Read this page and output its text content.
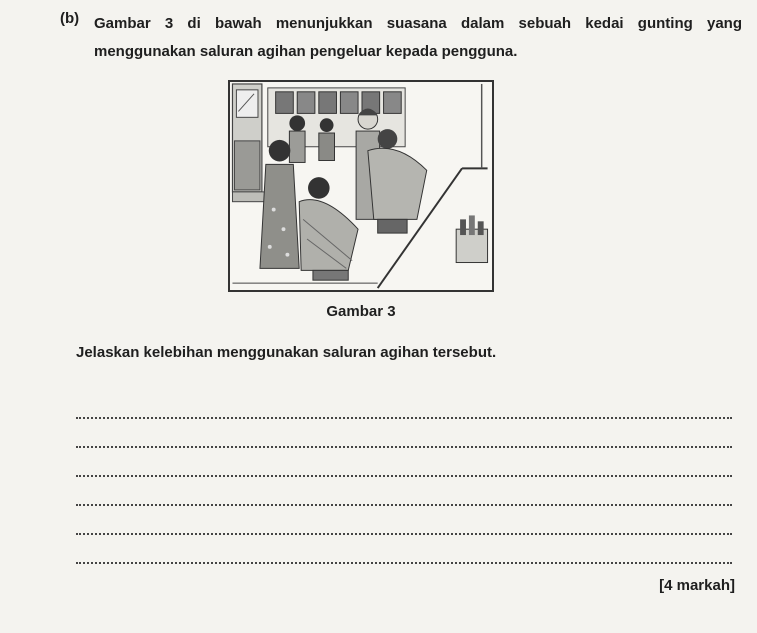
(b) Gambar 3 di bawah menunjukkan suasana dalam sebuah kedai gunting yang menggunakan saluran agihan pengeluar kepada pengguna.
Gambar 3
Jelaskan kelebihan menggunakan saluran agihan tersebut.
[4 markah]
